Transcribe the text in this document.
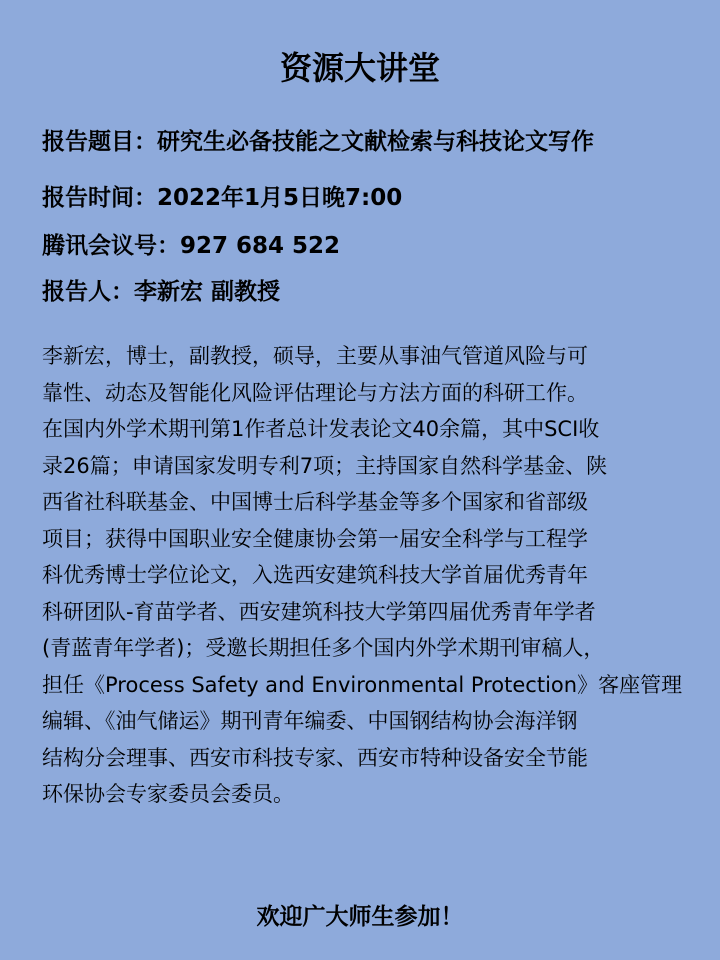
资源大讲堂
报告题目：研究生必备技能之文献检索与科技论文写作
报告时间：2022年1月5日晚7:00
腾讯会议号：927 684 522
报告人：李新宏 副教授
李新宏，博士，副教授，硕导，主要从事油气管道风险与可
靠性、动态及智能化风险评估理论与方法方面的科研工作。
在国内外学术期刊第1作者总计发表论文40余篇，其中SCI收
录26篇；申请国家发明专利7项；主持国家自然科学基金、陕
西省社科联基金、中国博士后科学基金等多个国家和省部级
项目；获得中国职业安全健康协会第一届安全科学与工程学
科优秀博士学位论文，入选西安建筑科技大学首届优秀青年
科研团队-育苗学者、西安建筑科技大学第四届优秀青年学者
(青蓝青年学者)；受邀长期担任多个国内外学术期刊审稿人，
担任《Process Safety and Environmental Protection》客座管理
编辑、《油气储运》期刊青年编委、中国钢结构协会海洋钢
结构分会理事、西安市科技专家、西安市特种设备安全节能
环保协会专家委员会委员。

欢迎广大师生参加！
